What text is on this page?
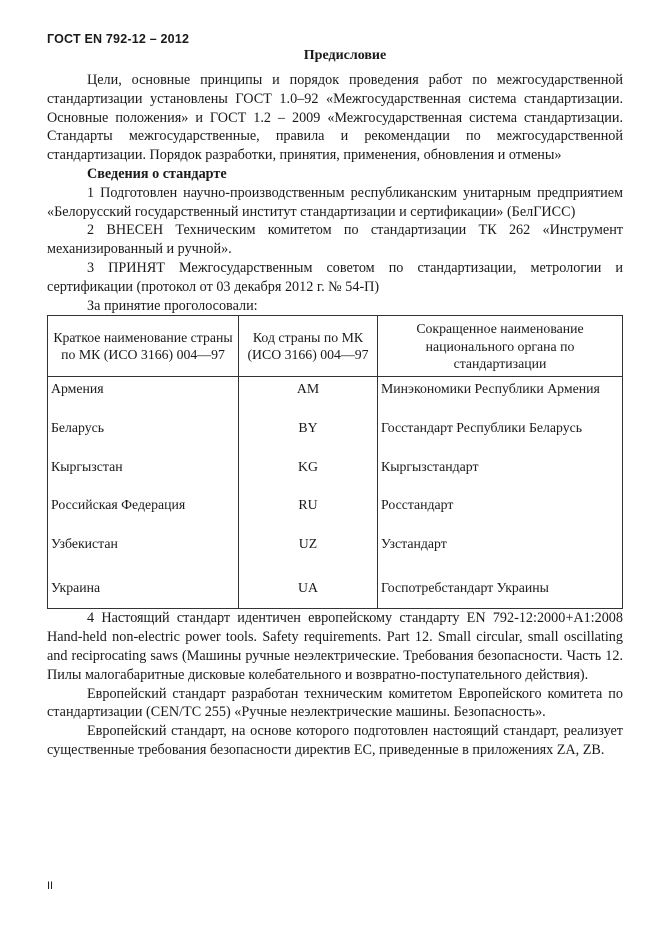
ГОСТ EN 792-12 – 2012
Предисловие

Цели, основные принципы и порядок проведения работ по межгосударственной стандартизации установлены ГОСТ 1.0–92 «Межгосударственная система стандартизации. Основные положения» и ГОСТ 1.2 – 2009 «Межгосударственная система стандартизации. Стандарты межгосударственные, правила и рекомендации по межгосударственной стандартизации. Порядок разработки, принятия, применения, обновления и отмены»

Сведения о стандарте

1 Подготовлен научно-производственным республиканским унитарным предприятием «Белорусский государственный институт стандартизации и сертификации» (БелГИСС)

2 ВНЕСЕН Техническим комитетом по стандартизации ТК 262 «Инструмент механизированный и ручной».

3 ПРИНЯТ Межгосударственным советом по стандартизации, метрологии и сертификации (протокол от 03 декабря 2012 г. № 54-П)

За принятие проголосовали:

Краткое наименование страны по МК (ИСО 3166) 004—97	Код страны по МК (ИСО 3166) 004—97	Сокращенное наименование национального органа по стандартизации
Армения	AM	Минэкономики Республики Армения
Беларусь	BY	Госстандарт Республики Беларусь
Кыргызстан	KG	Кыргызстандарт
Российская Федерация	RU	Росстандарт
Узбекистан	UZ	Узстандарт
Украина	UA	Госпотребстандарт Украины

4 Настоящий стандарт идентичен европейскому стандарту EN 792-12:2000+A1:2008 Hand-held non-electric power tools. Safety requirements. Part 12. Small circular, small oscillating and reciprocating saws (Машины ручные неэлектрические. Требования безопасности. Часть 12. Пилы малогабаритные дисковые колебательного и возвратно-поступательного действия).

Европейский стандарт разработан техническим комитетом Европейского комитета по стандартизации (CEN/TC 255) «Ручные неэлектрические машины. Безопасность».

Европейский стандарт, на основе которого подготовлен настоящий стандарт, реализует существенные требования безопасности директив ЕС, приведенные в приложениях ZA, ZB.

II
